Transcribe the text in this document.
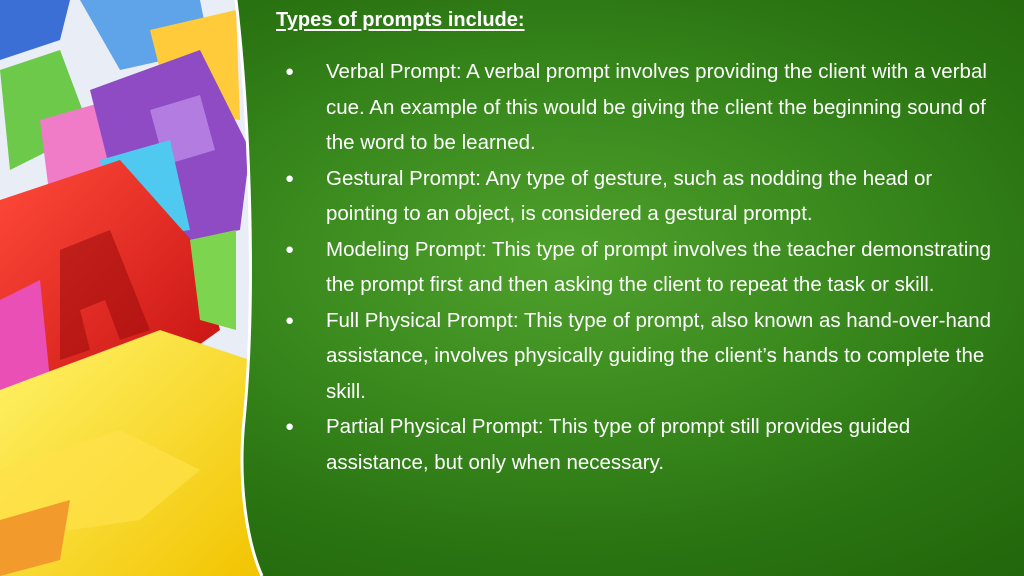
Types of prompts include:
● Verbal Prompt: A verbal prompt involves providing the client with a verbal cue. An example of this would be giving the client the beginning sound of the word to be learned.
● Gestural Prompt: Any type of gesture, such as nodding the head or pointing to an object, is considered a gestural prompt.
● Modeling Prompt: This type of prompt involves the teacher demonstrating the prompt first and then asking the client to repeat the task or skill.
● Full Physical Prompt: This type of prompt, also known as hand-over-hand assistance, involves physically guiding the client’s hands to complete the skill.
● Partial Physical Prompt: This type of prompt still provides guided assistance, but only when necessary.
